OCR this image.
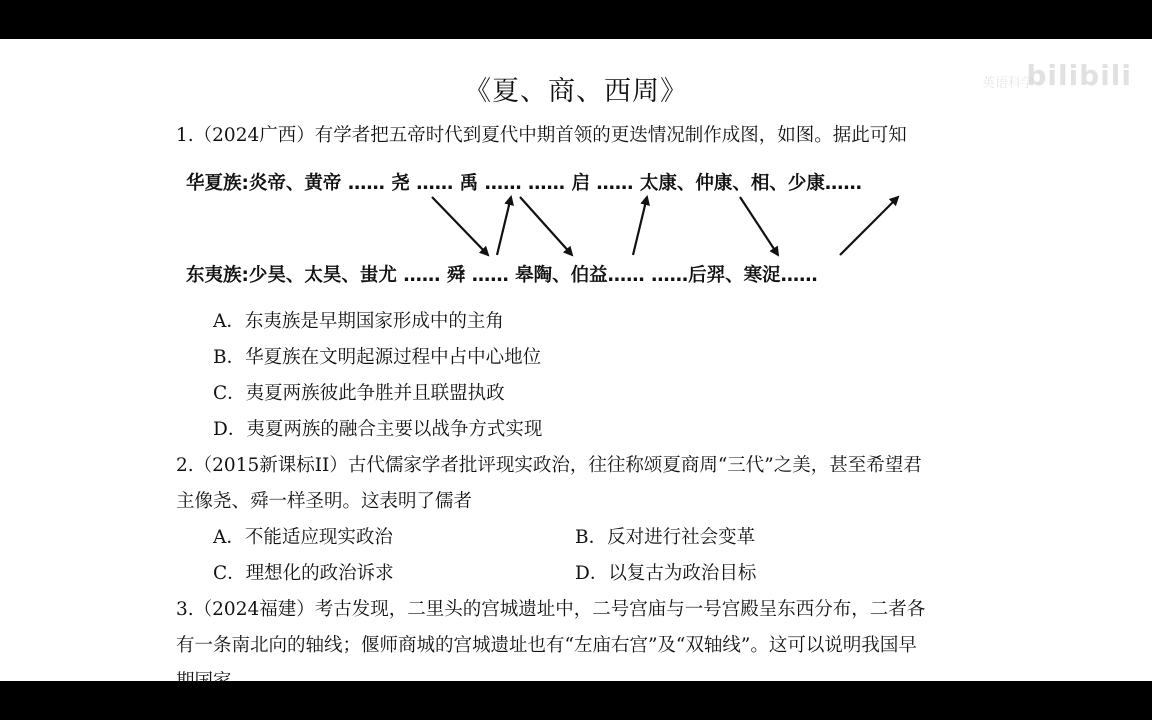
英语科学
bilibili
《夏、商、西周》
1.（2024广西）有学者把五帝时代到夏代中期首领的更迭情况制作成图，如图。据此可知
华夏族:炎帝、黄帝 …… 尧 …… 禹 …… …… 启 …… 太康、仲康、相、少康……
东夷族:少昊、太昊、蚩尤 …… 舜 …… 皋陶、伯益…… ……后羿、寒浞……
A．东夷族是早期国家形成中的主角
B．华夏族在文明起源过程中占中心地位
C．夷夏两族彼此争胜并且联盟执政
D．夷夏两族的融合主要以战争方式实现
2.（2015新课标II）古代儒家学者批评现实政治，往往称颂夏商周“三代”之美，甚至希望君
主像尧、舜一样圣明。这表明了儒者
A．不能适应现实政治	B．反对进行社会变革
C．理想化的政治诉求	D．以复古为政治目标
3.（2024福建）考古发现，二里头的宫城遗址中，二号宫庙与一号宫殿呈东西分布，二者各
有一条南北向的轴线；偃师商城的宫城遗址也有“左庙右宫”及“双轴线”。这可以说明我国早
